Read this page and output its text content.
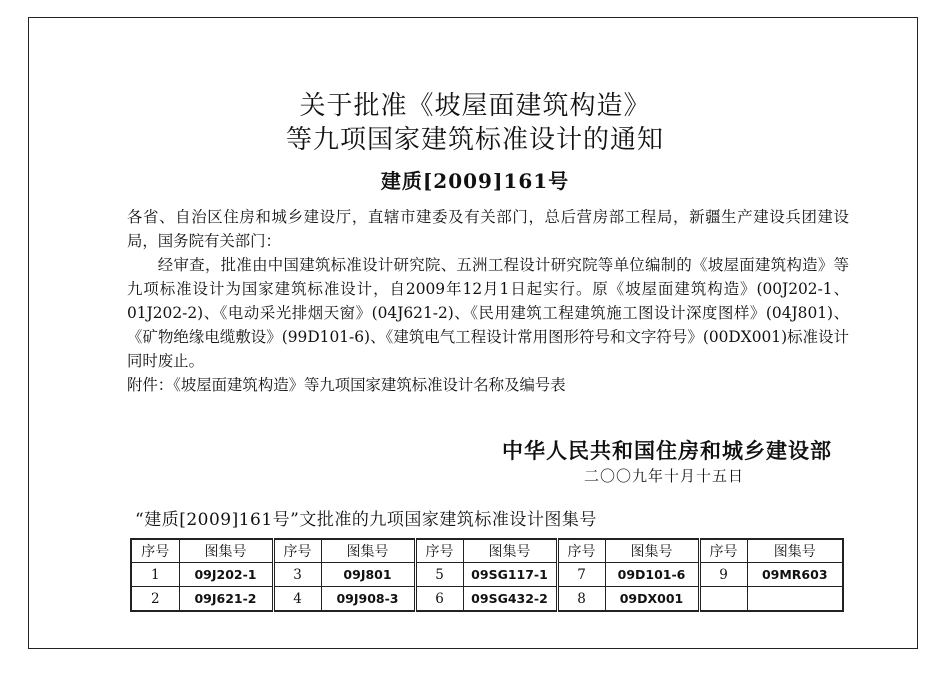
关于批准《坡屋面建筑构造》
等九项国家建筑标准设计的通知
建质[2009]161号

各省、自治区住房和城乡建设厅，直辖市建委及有关部门，总后营房部工程局，新疆生产建设兵团建设局，国务院有关部门：

经审查，批准由中国建筑标准设计研究院、五洲工程设计研究院等单位编制的《坡屋面建筑构造》等九项标准设计为国家建筑标准设计，自2009年12月1日起实行。原《坡屋面建筑构造》(00J202-1、01J202-2)、《电动采光排烟天窗》(04J621-2)、《民用建筑工程建筑施工图设计深度图样》(04J801)、《矿物绝缘电缆敷设》(99D101-6)、《建筑电气工程设计常用图形符号和文字符号》(00DX001)标准设计同时废止。

附件：《坡屋面建筑构造》等九项国家建筑标准设计名称及编号表

中华人民共和国住房和城乡建设部
二〇〇九年十月十五日
“建质[2009]161号”文批准的九项国家建筑标准设计图集号
序号	图集号	序号	图集号	序号	图集号	序号	图集号	序号	图集号
1	09J202-1	3	09J801	5	09SG117-1	7	09D101-6	9	09MR603
2	09J621-2	4	09J908-3	6	09SG432-2	8	09DX001		
